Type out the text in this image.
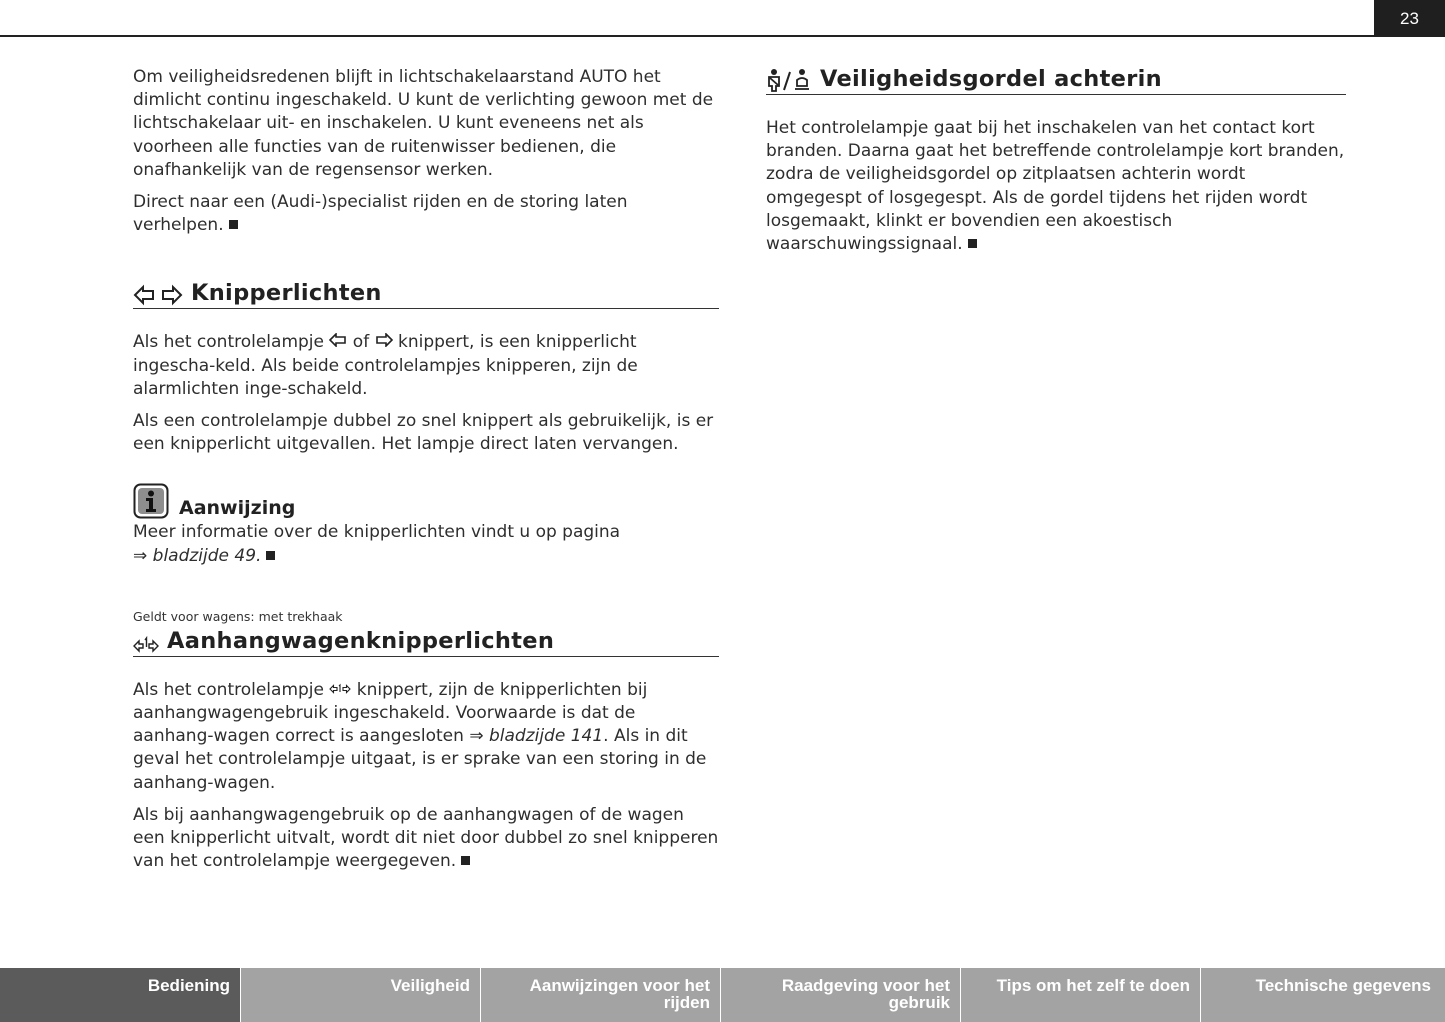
23

Om veiligheidsredenen blijft in lichtschakelaarstand AUTO het dimlicht continu ingeschakeld. U kunt de verlichting gewoon met de lichtschakelaar uit- en inschakelen. U kunt eveneens net als voorheen alle functies van de ruitenwisser bedienen, die onafhankelijk van de regensensor werken.

Direct naar een (Audi-)specialist rijden en de storing laten verhelpen.

Knipperlichten

Als het controlelampje of knippert, is een knipperlicht ingescha-keld. Als beide controlelampjes knipperen, zijn de alarmlichten inge-schakeld.

Als een controlelampje dubbel zo snel knippert als gebruikelijk, is er een knipperlicht uitgevallen. Het lampje direct laten vervangen.

Aanwijzing

Meer informatie over de knipperlichten vindt u op pagina
⇒ bladzijde 49.

Geldt voor wagens: met trekhaak

Aanhangwagenknipperlichten

Als het controlelampje knippert, zijn de knipperlichten bij aanhangwagengebruik ingeschakeld. Voorwaarde is dat de aanhang-wagen correct is aangesloten ⇒ bladzijde 141. Als in dit geval het controlelampje uitgaat, is er sprake van een storing in de aanhang-wagen.

Als bij aanhangwagengebruik op de aanhangwagen of de wagen een knipperlicht uitvalt, wordt dit niet door dubbel zo snel knipperen van het controlelampje weergegeven.

Veiligheidsgordel achterin

Het controlelampje gaat bij het inschakelen van het contact kort branden. Daarna gaat het betreffende controlelampje kort branden, zodra de veiligheidsgordel op zitplaatsen achterin wordt omgegespt of losgegespt. Als de gordel tijdens het rijden wordt losgemaakt, klinkt er bovendien een akoestisch waarschuwingssignaal.

Bediening	Veiligheid	Aanwijzingen voor het rijden
Raadgeving voor het gebruik
Tips om het zelf te doen	Technische gegevens
